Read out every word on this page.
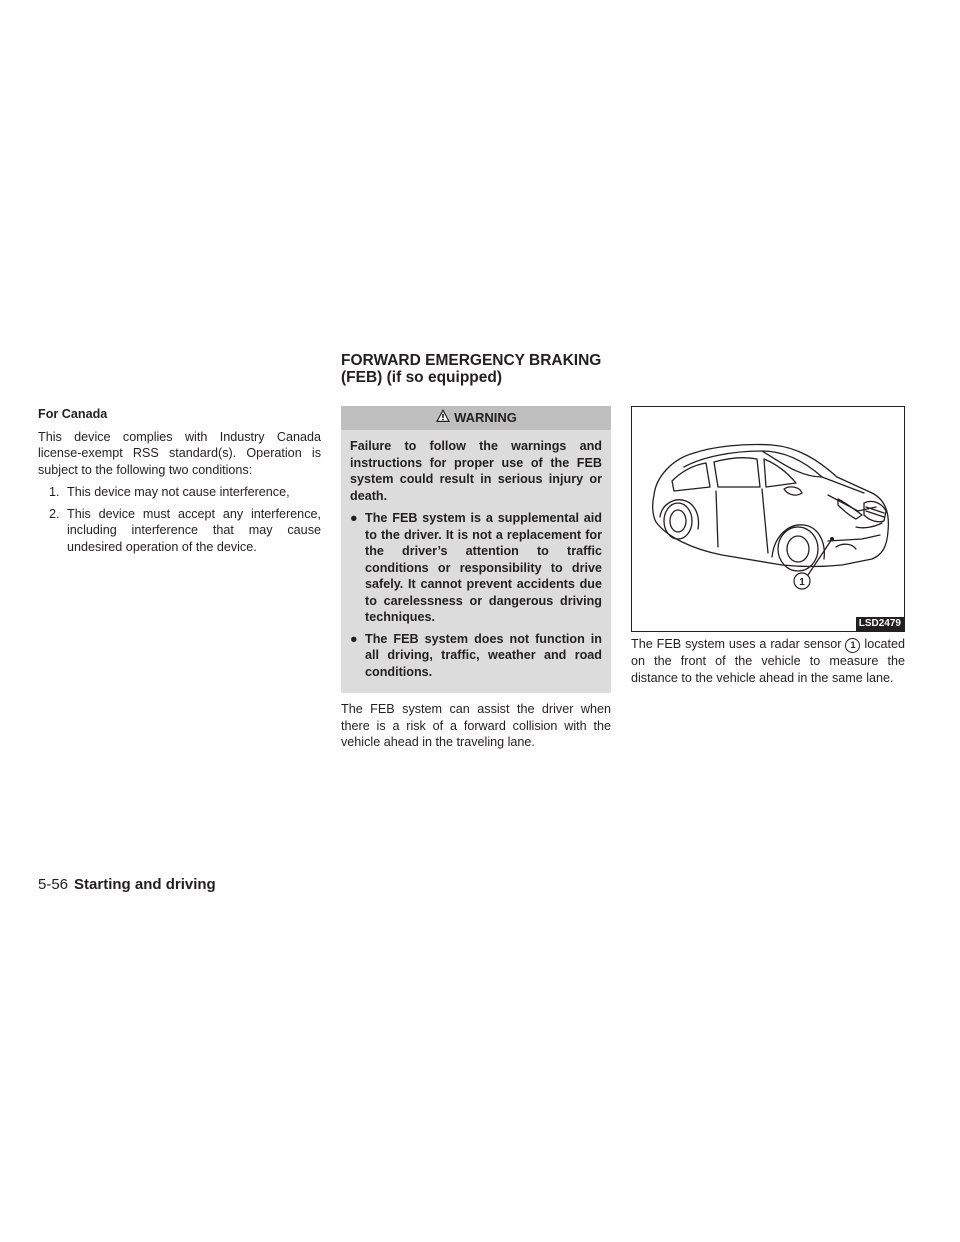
FORWARD EMERGENCY BRAKING
(FEB) (if so equipped)
For Canada

This device complies with Industry Canada license-exempt RSS standard(s). Operation is subject to the following two conditions:

1. This device may not cause interference,
2. This device must accept any interference, including interference that may cause undesired operation of the device.
WARNING

Failure to follow the warnings and instructions for proper use of the FEB system could result in serious injury or death.

● The FEB system is a supplemental aid to the driver. It is not a replacement for the driver’s attention to traffic conditions or responsibility to drive safely. It cannot prevent accidents due to carelessness or dangerous driving techniques.
● The FEB system does not function in all driving, traffic, weather and road conditions.

The FEB system can assist the driver when there is a risk of a forward collision with the vehicle ahead in the traveling lane.

1
LSD2479

The FEB system uses a radar sensor 1 located on the front of the vehicle to measure the distance to the vehicle ahead in the same lane.

5-56 Starting and driving
